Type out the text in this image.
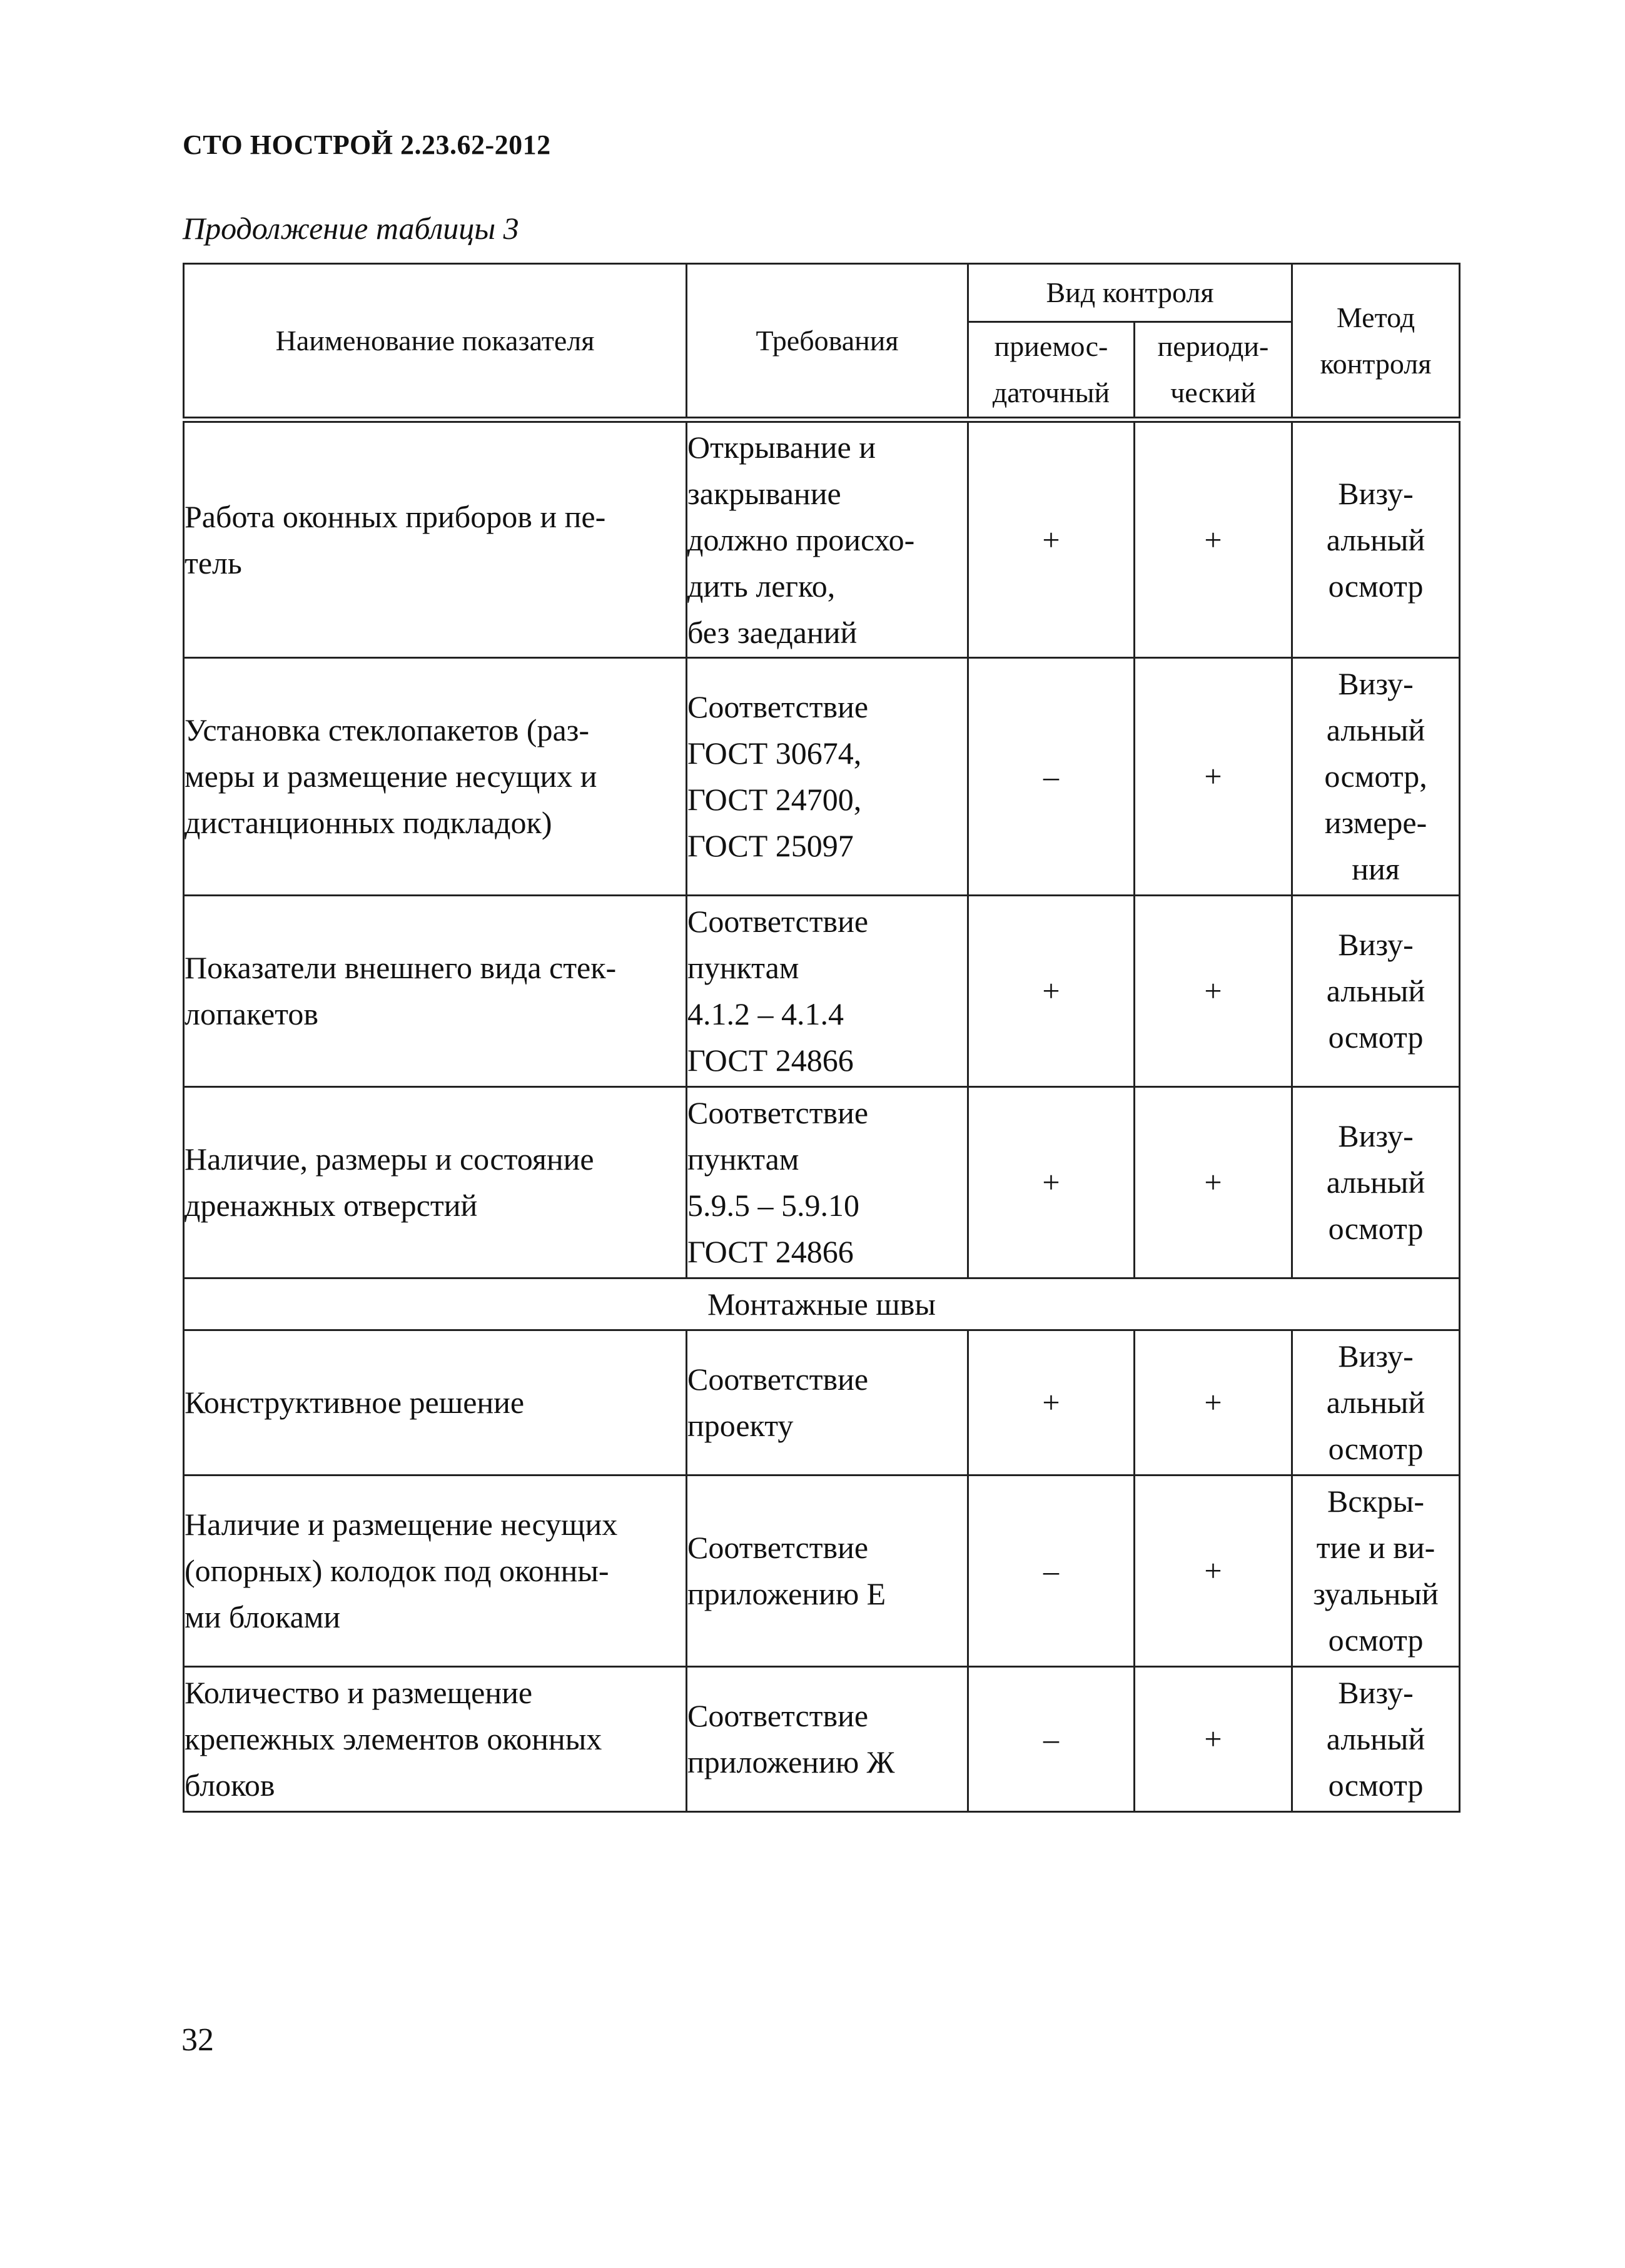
СТО НОСТРОЙ 2.23.62-2012
Продолжение таблицы 3
Наименование показателя	Требования	Вид контроля		Метод
контроля

		приемос-
даточный	периоди-
ческий	

Работа оконных приборов и пе-
тель	Открывание и
закрывание
должно происхо-
дить легко,
без заеданий	+	+	Визу-
альный
осмотр

Установка стеклопакетов (раз-
меры и размещение несущих и
дистанционных подкладок)	Соответствие
ГОСТ 30674,
ГОСТ 24700,
ГОСТ 25097	–	+	Визу-
альный
осмотр,
измере-
ния

Показатели внешнего вида стек-
лопакетов	Соответствие
пунктам
4.1.2 – 4.1.4
ГОСТ 24866	+	+	Визу-
альный
осмотр

Наличие, размеры и состояние
дренажных отверстий	Соответствие
пунктам
5.9.5 – 5.9.10
ГОСТ 24866	+	+	Визу-
альный
осмотр

Монтажные швы				

Конструктивное решение	Соответствие
проекту	+	+	Визу-
альный
осмотр

Наличие и размещение несущих
(опорных) колодок под оконны-
ми блоками	Соответствие
приложению Е	–	+	Вскры-
тие и ви-
зуальный
осмотр

Количество и размещение
крепежных элементов оконных
блоков	Соответствие
приложению Ж	–	+	Визу-
альный
осмотр
32
